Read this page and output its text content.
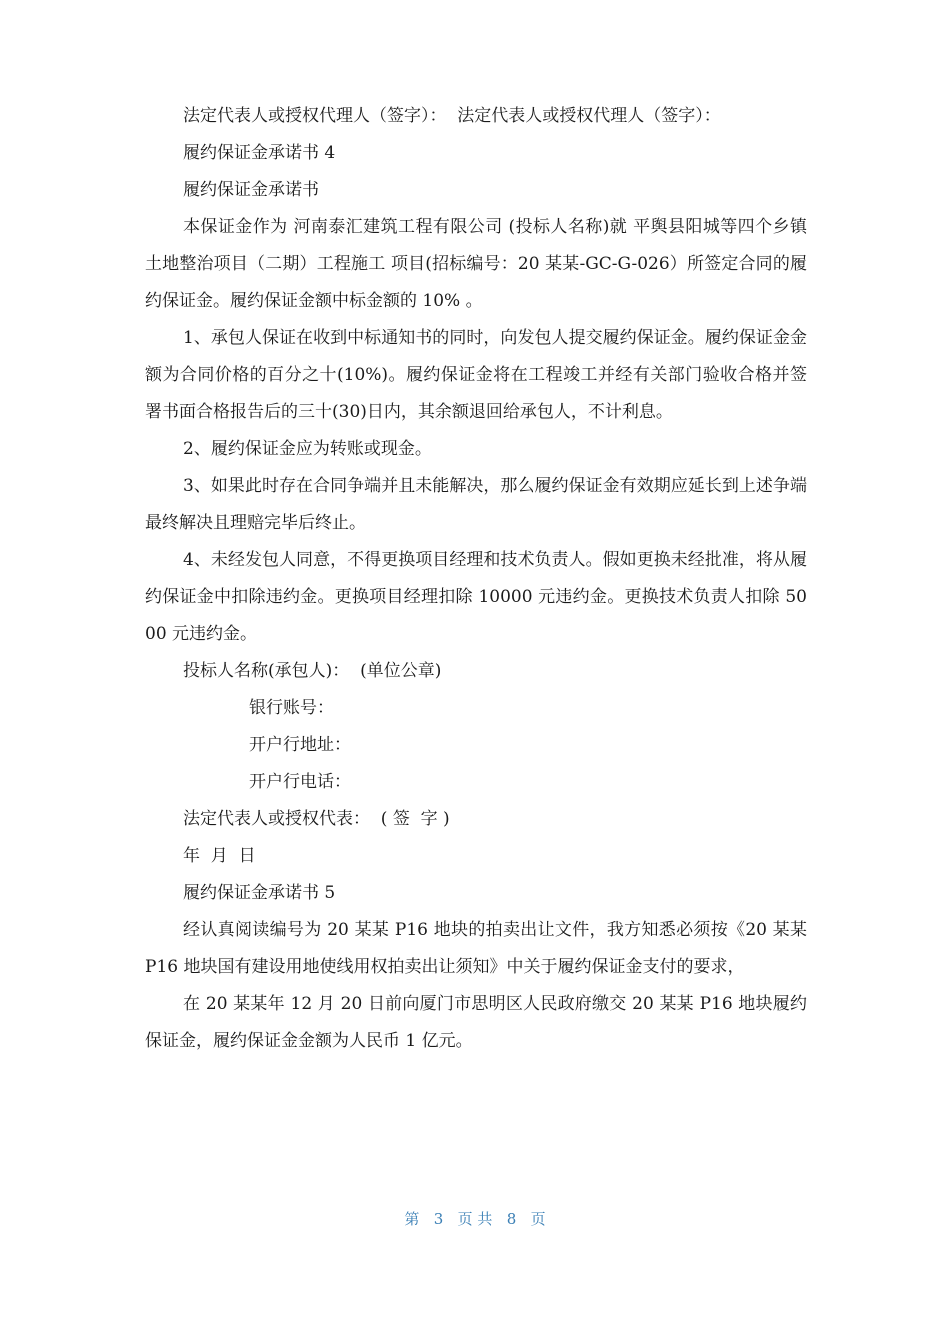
法定代表人或授权代理人（签字）：  法定代表人或授权代理人（签字）：

履约保证金承诺书 4

履约保证金承诺书

本保证金作为 河南泰汇建筑工程有限公司 (投标人名称)就 平舆县阳城等四个乡镇土地整治项目（二期）工程施工 项目(招标编号：20 某某-GC-G-026）所签定合同的履约保证金。履约保证金额中标金额的 10% 。

1、承包人保证在收到中标通知书的同时，向发包人提交履约保证金。履约保证金金额为合同价格的百分之十(10%)。履约保证金将在工程竣工并经有关部门验收合格并签署书面合格报告后的三十(30)日内，其余额退回给承包人，不计利息。

2、履约保证金应为转账或现金。

3、如果此时存在合同争端并且未能解决，那么履约保证金有效期应延长到上述争端最终解决且理赔完毕后终止。

4、未经发包人同意，不得更换项目经理和技术负责人。假如更换未经批准，将从履约保证金中扣除违约金。更换项目经理扣除 10000 元违约金。更换技术负责人扣除 5000 元违约金。

投标人名称(承包人)：  (单位公章)

银行账号：

开户行地址：

开户行电话：

法定代表人或授权代表：  ( 签  字 )

年  月  日

履约保证金承诺书 5

经认真阅读编号为 20 某某 P16 地块的拍卖出让文件，我方知悉必须按《20 某某 P16 地块国有建设用地使线用权拍卖出让须知》中关于履约保证金支付的要求，

在 20 某某年 12 月 20 日前向厦门市思明区人民政府缴交 20 某某 P16 地块履约保证金，履约保证金金额为人民币 1 亿元。

第 3 页 共 8 页
